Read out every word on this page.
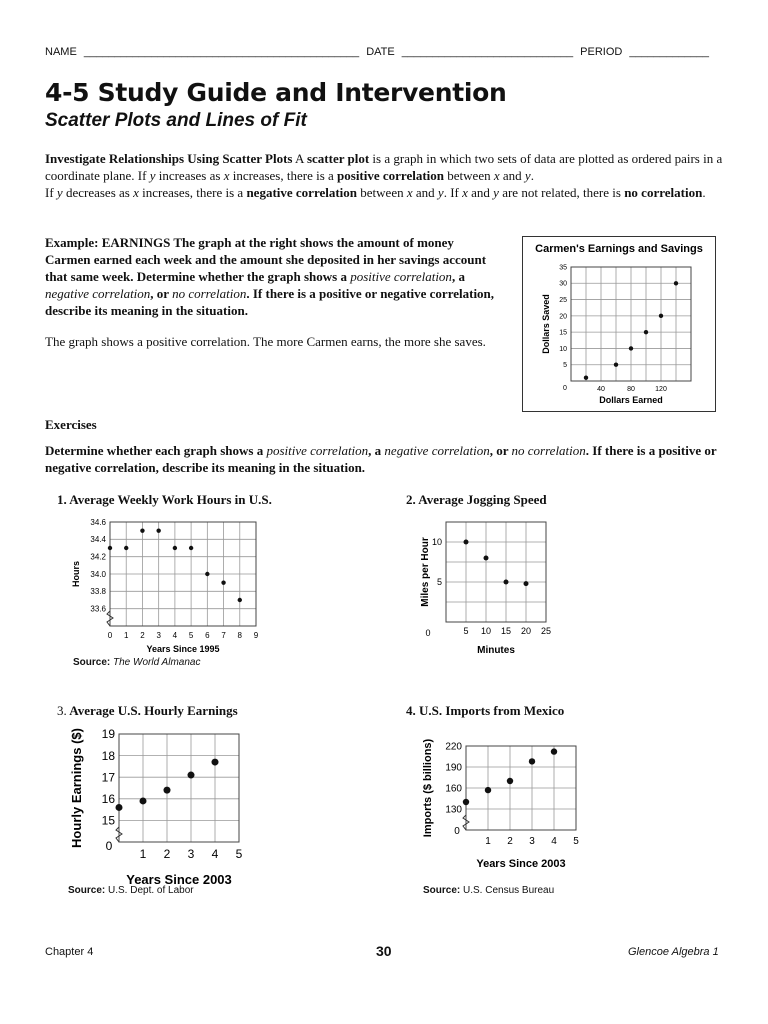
NAME _____________________________________________ DATE ____________________________ PERIOD _____________
4-5 Study Guide and Intervention
Scatter Plots and Lines of Fit
Investigate Relationships Using Scatter Plots A scatter plot is a graph in which two sets of data are plotted as ordered pairs in a coordinate plane. If y increases as x increases, there is a positive correlation between x and y.
If y decreases as x increases, there is a negative correlation between x and y. If x and y are not related, there is no correlation.
Example: EARNINGS The graph at the right shows the amount of money Carmen earned each week and the amount she deposited in her savings account that same week. Determine whether the graph shows a positive correlation, a negative correlation, or no correlation. If there is a positive or negative correlation, describe its meaning in the situation.
The graph shows a positive correlation. The more Carmen earns, the more she saves.
40	80	120
5
10
15
20
25
30
35
0
Dollars Earned
Dollars Saved
Carmen's Earnings and Savings
Exercises
Determine whether each graph shows a positive correlation, a negative correlation, or no correlation. If there is a positive or negative correlation, describe its meaning in the situation.
1. Average Weekly Work Hours in U.S.
0 1 2 3 4 5 6 7 8 9
33.6
33.8
34.0
34.2
34.4
34.6
Years Since 1995
Hours
Source: The World Almanac
2. Average Jogging Speed
5 10 15 20 25
5
10
0
Minutes
Miles per Hour
3. Average U.S. Hourly Earnings
1 2 3 4 5
15
16
17
18
19
0
Years Since 2003
Hourly Earnings ($)
Source: U.S. Dept. of Labor
4. U.S. Imports from Mexico
1 2 3 4 5
130
160
190
220
0
Years Since 2003
Imports ($ billions)
Source: U.S. Census Bureau
Chapter 4	30	Glencoe Algebra 1
